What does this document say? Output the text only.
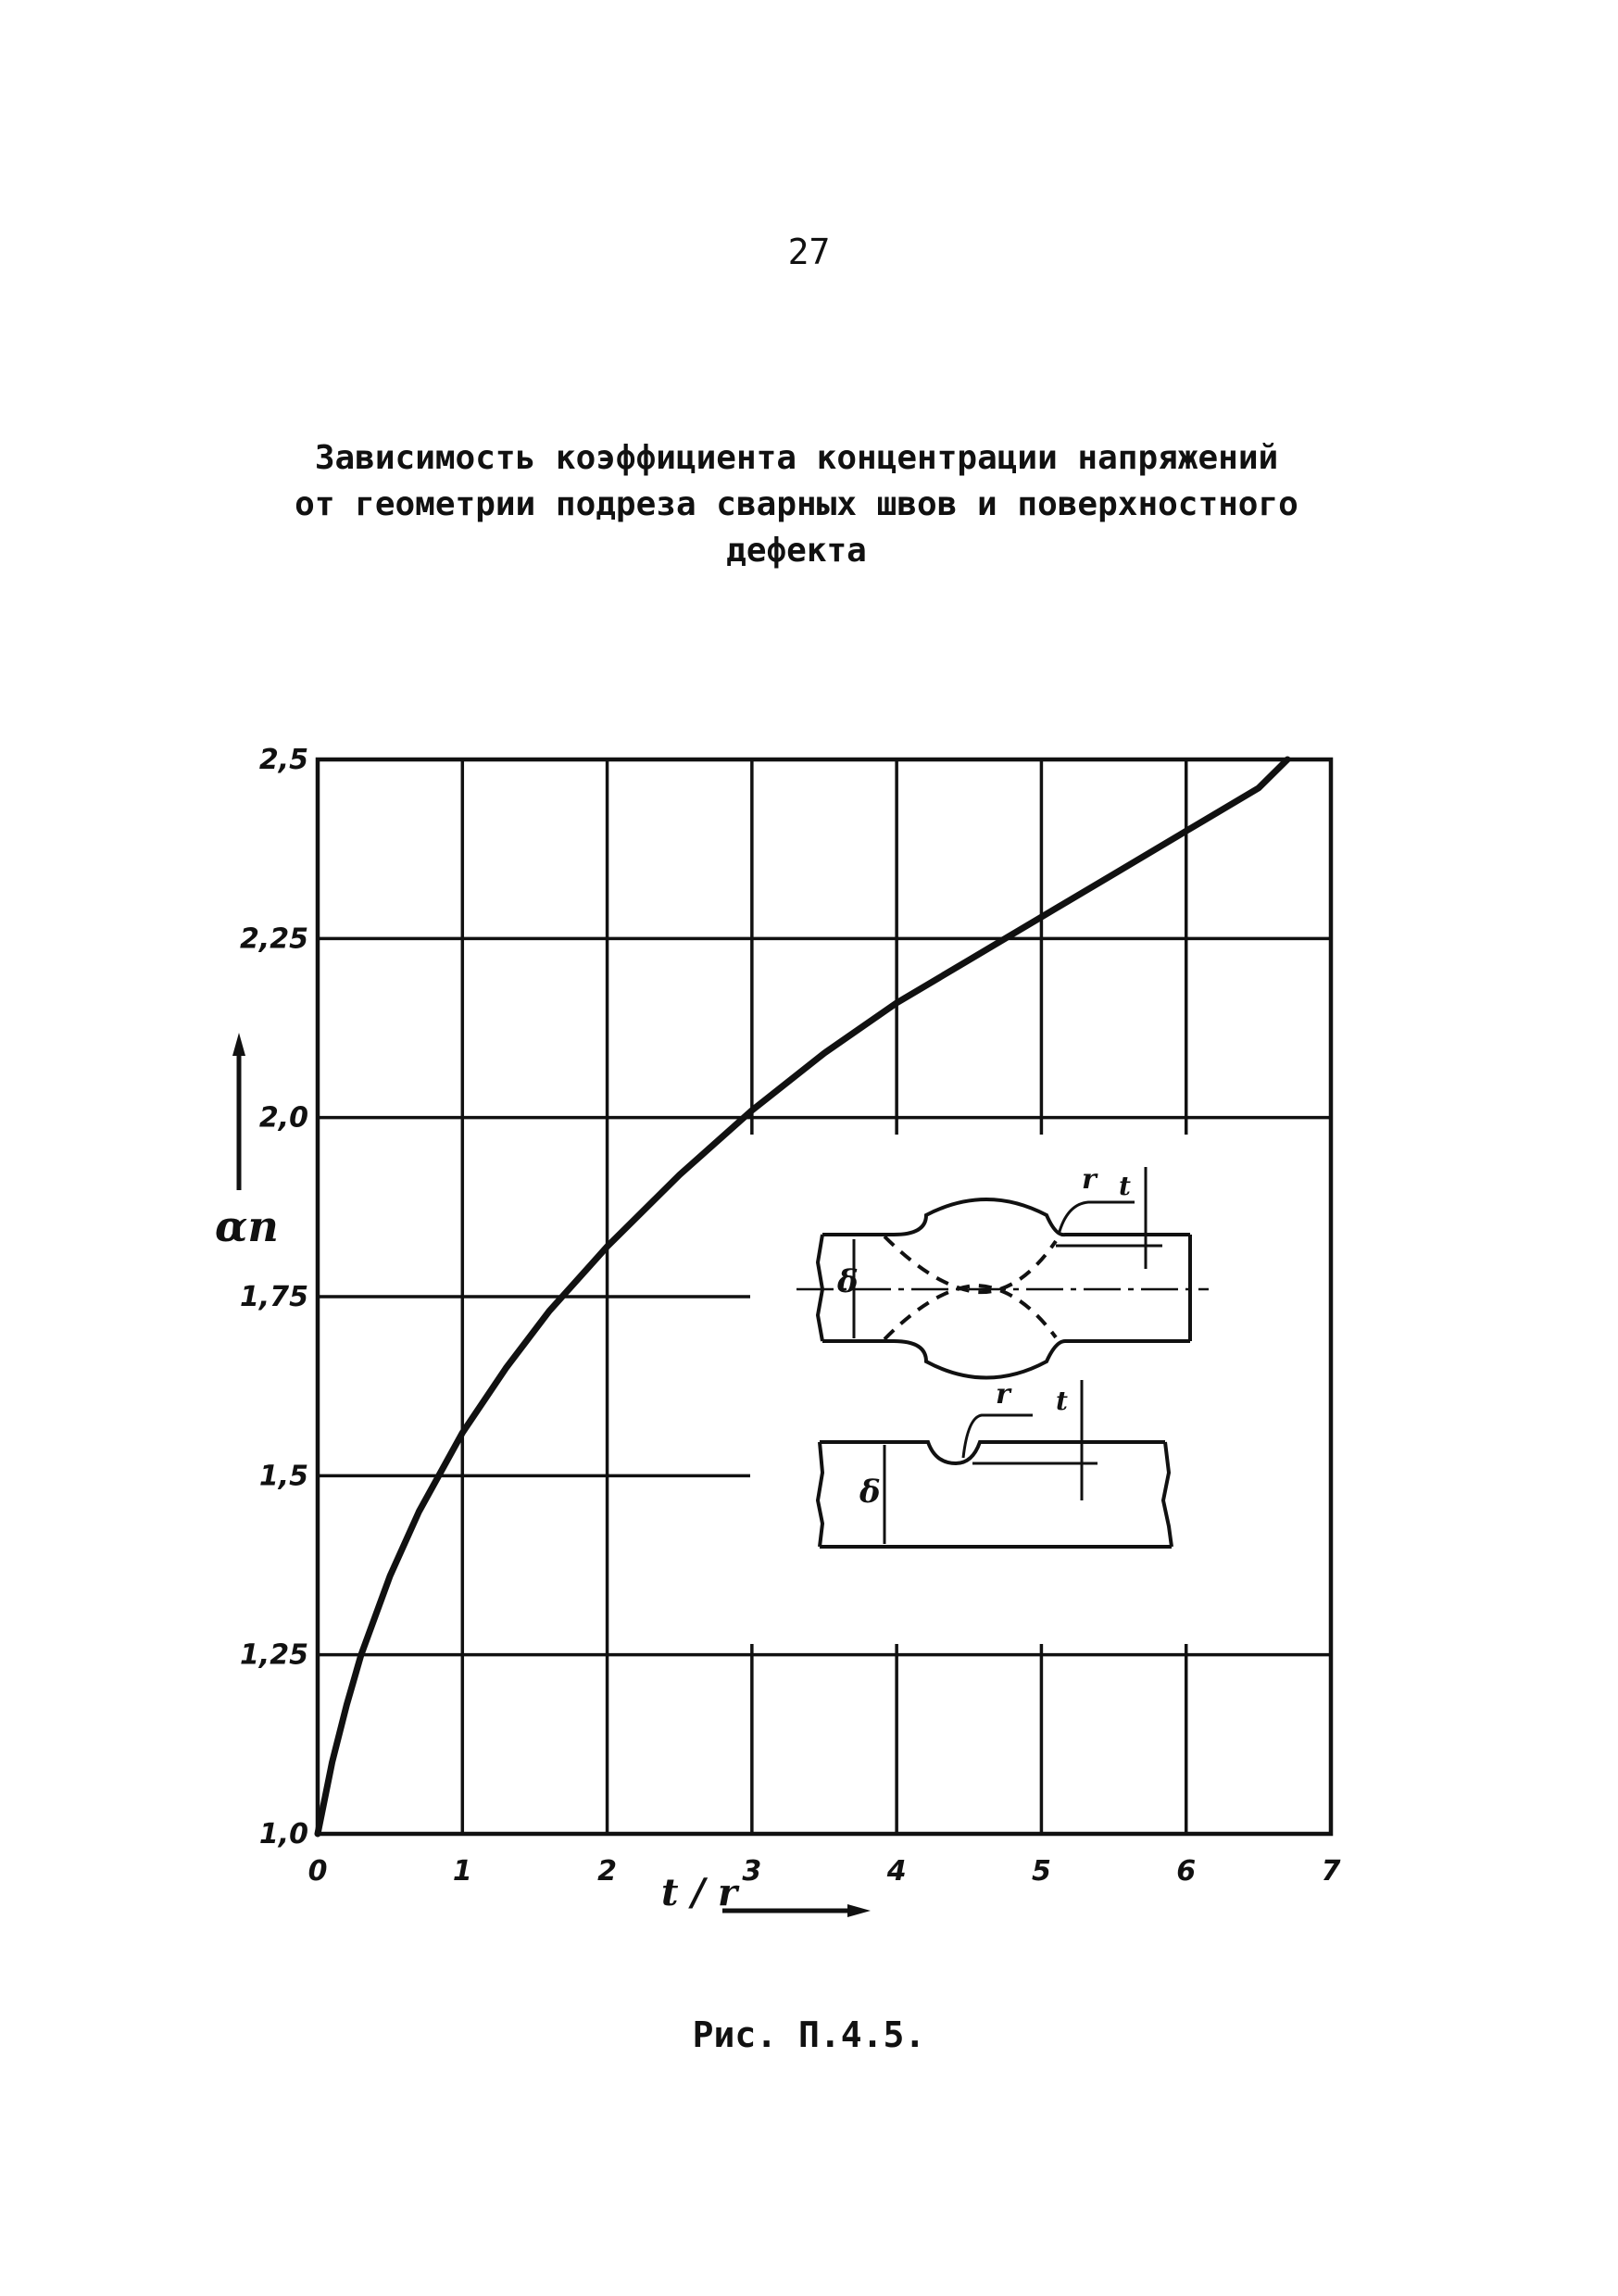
27
Зависимость коэффициента концентрации напряжений
от геометрии подреза сварных швов и поверхностного
дефекта
r t
δ
r t
δ
0	1	2	3	4	5	6	7
1,0
1,25
1,5
1,75
2,0
2,25
2,5
αn
t / r
Рис. П.4.5.
